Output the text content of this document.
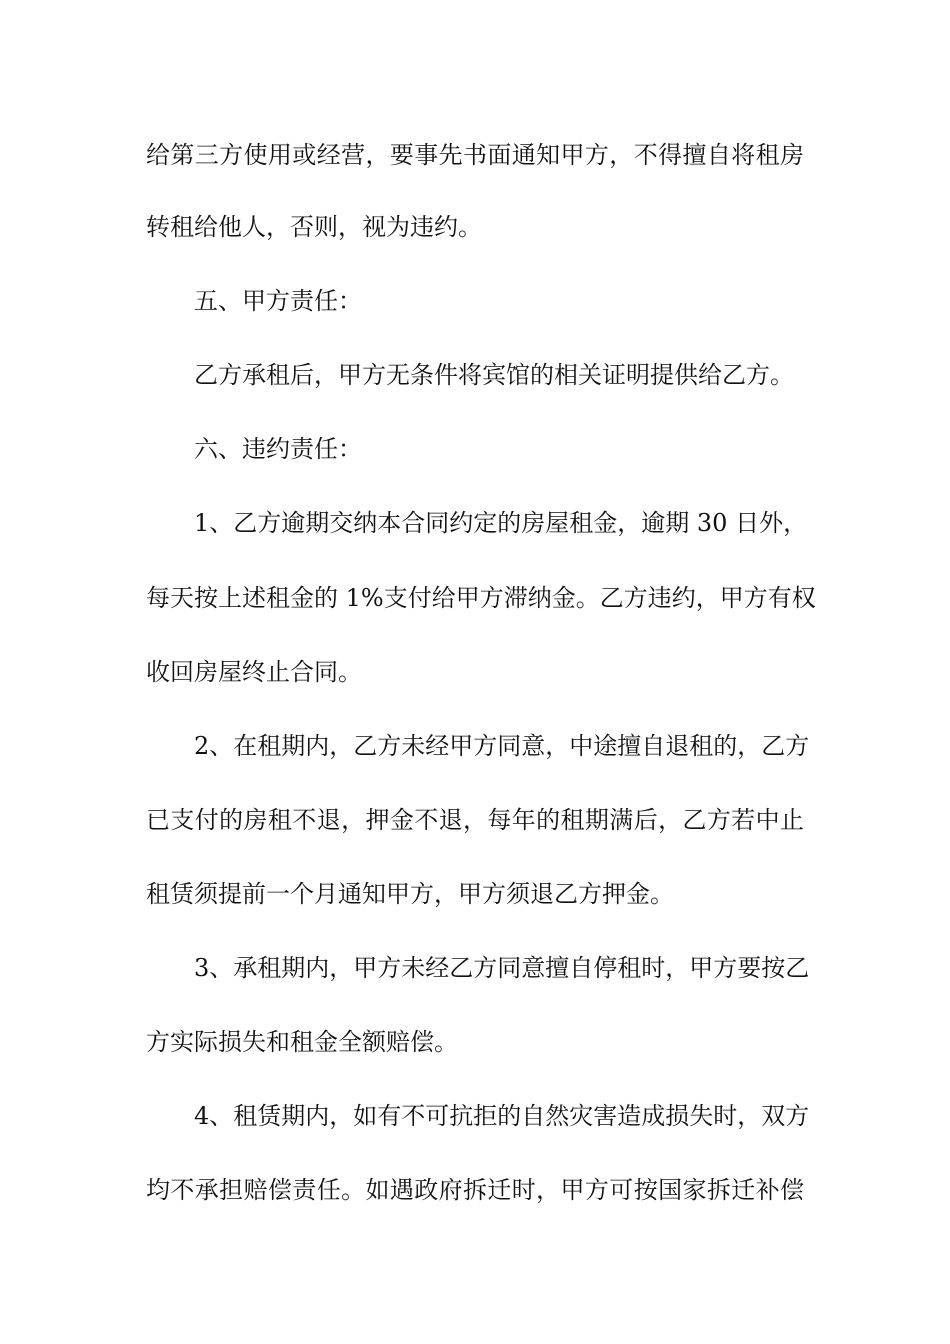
给第三方使用或经营，要事先书面通知甲方，不得擅自将租房
转租给他人，否则，视为违约。
五、甲方责任：
乙方承租后，甲方无条件将宾馆的相关证明提供给乙方。
六、违约责任：
1、乙方逾期交纳本合同约定的房屋租金，逾期 30 日外，
每天按上述租金的 1%支付给甲方滞纳金。乙方违约，甲方有权
收回房屋终止合同。
2、在租期内，乙方未经甲方同意，中途擅自退租的，乙方
已支付的房租不退，押金不退，每年的租期满后，乙方若中止
租赁须提前一个月通知甲方，甲方须退乙方押金。
3、承租期内，甲方未经乙方同意擅自停租时，甲方要按乙
方实际损失和租金全额赔偿。
4、租赁期内，如有不可抗拒的自然灾害造成损失时，双方
均不承担赔偿责任。如遇政府拆迁时，甲方可按国家拆迁补偿
